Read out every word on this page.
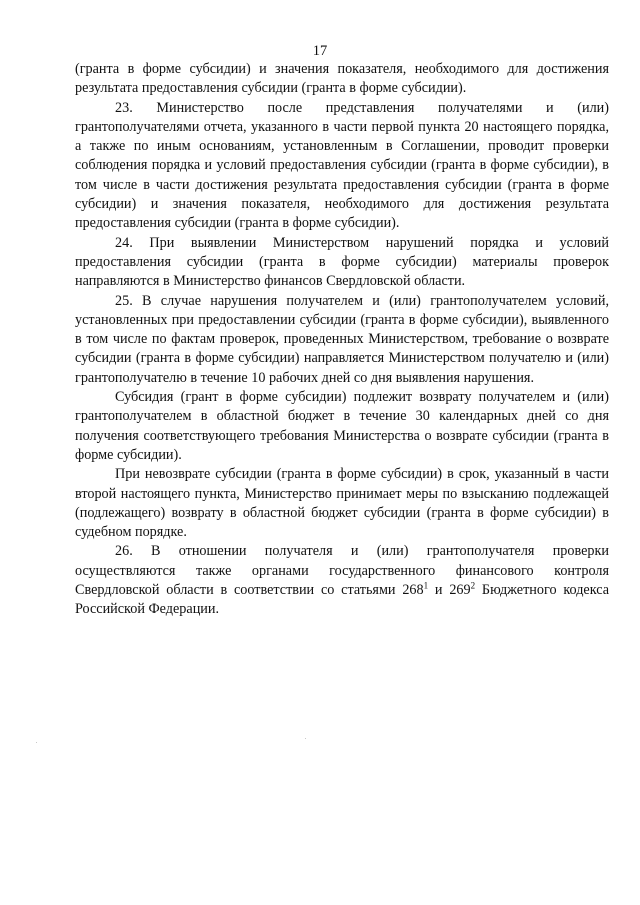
17

(гранта в форме субсидии) и значения показателя, необходимого для достижения результата предоставления субсидии (гранта в форме субсидии).

23. Министерство после представления получателями и (или) грантополучателями отчета, указанного в части первой пункта 20 настоящего порядка, а также по иным основаниям, установленным в Соглашении, проводит проверки соблюдения порядка и условий предоставления субсидии (гранта в форме субсидии), в том числе в части достижения результата предоставления субсидии (гранта в форме субсидии) и значения показателя, необходимого для достижения результата предоставления субсидии (гранта в форме субсидии).

24. При выявлении Министерством нарушений порядка и условий предоставления субсидии (гранта в форме субсидии) материалы проверок направляются в Министерство финансов Свердловской области.

25. В случае нарушения получателем и (или) грантополучателем условий, установленных при предоставлении субсидии (гранта в форме субсидии), выявленного в том числе по фактам проверок, проведенных Министерством, требование о возврате субсидии (гранта в форме субсидии) направляется Министерством получателю и (или) грантополучателю в течение 10 рабочих дней со дня выявления нарушения.

Субсидия (грант в форме субсидии) подлежит возврату получателем и (или) грантополучателем в областной бюджет в течение 30 календарных дней со дня получения соответствующего требования Министерства о возврате субсидии (гранта в форме субсидии).

При невозврате субсидии (гранта в форме субсидии) в срок, указанный в части второй настоящего пункта, Министерство принимает меры по взысканию подлежащей (подлежащего) возврату в областной бюджет субсидии (гранта в форме субсидии) в судебном порядке.

26. В отношении получателя и (или) грантополучателя проверки осуществляются также органами государственного финансового контроля Свердловской области в соответствии со статьями $268^1$ и $269^2$ Бюджетного кодекса Российской Федерации.
